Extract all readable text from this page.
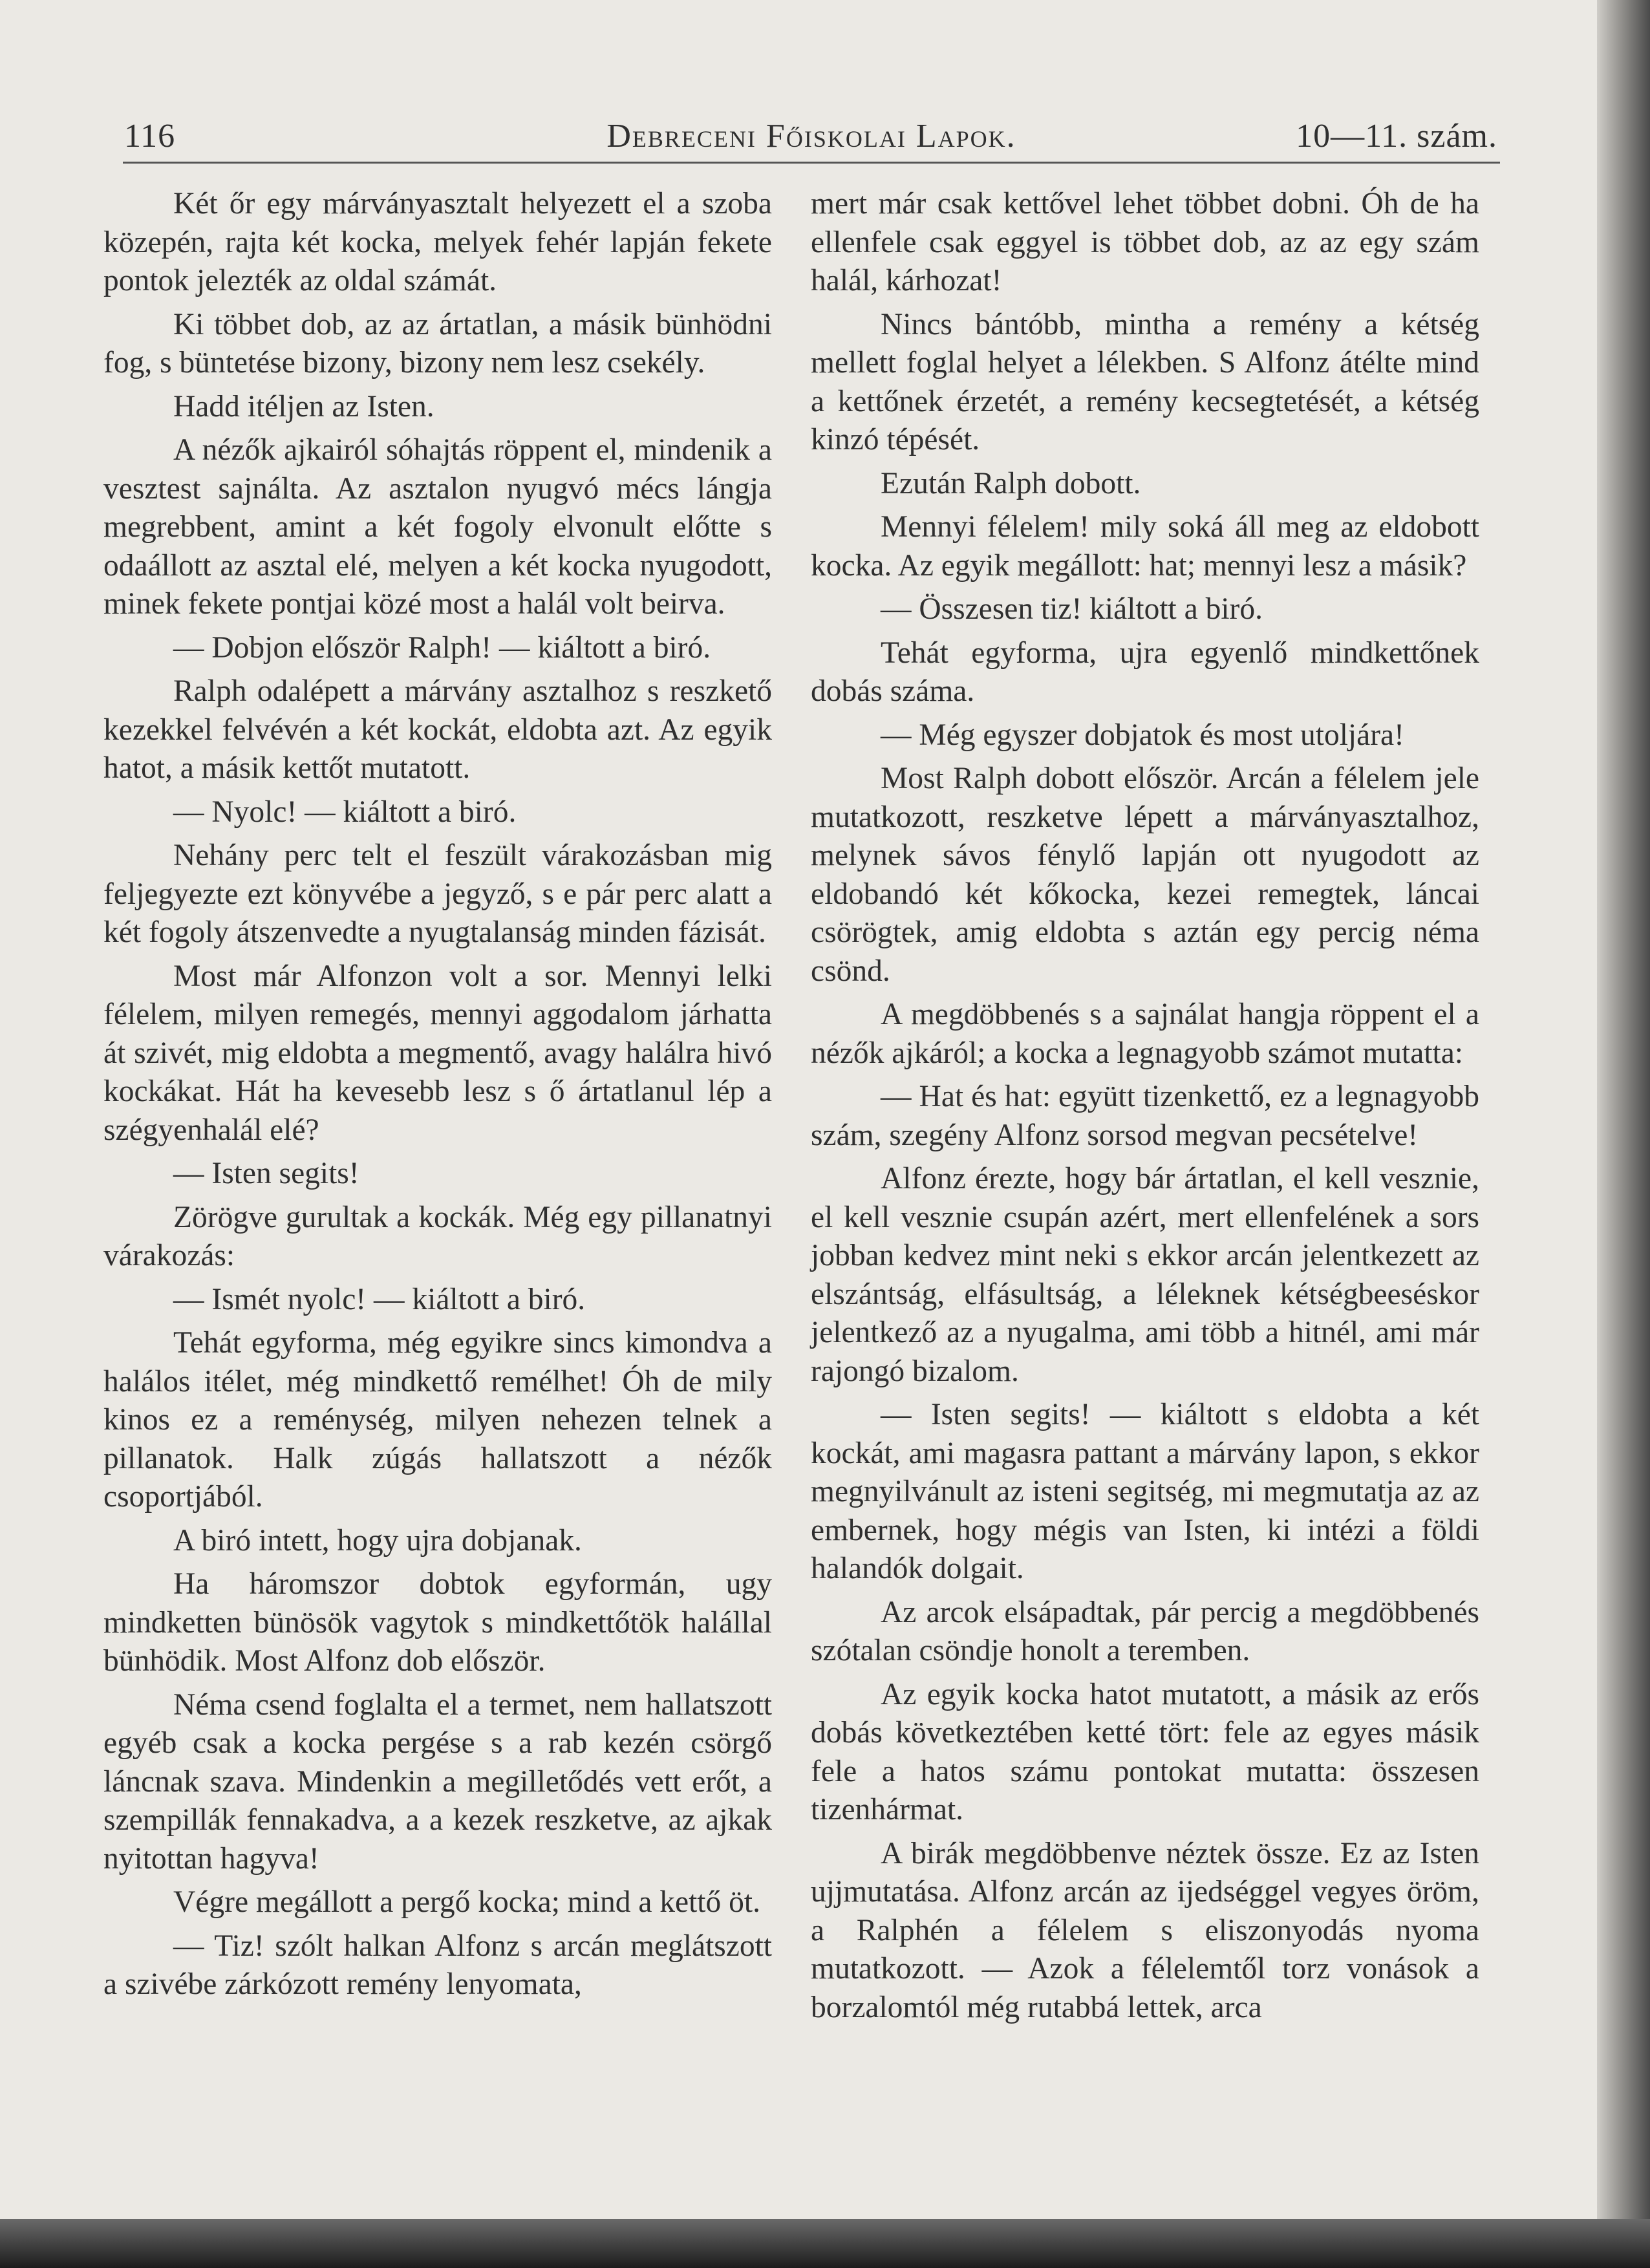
116	Debreceni Főiskolai Lapok.	10—11. szám.

Két őr egy márványasztalt helyezett el a szoba közepén, rajta két kocka, melyek fehér lapján fekete pontok jelezték az oldal számát.

Ki többet dob, az az ártatlan, a másik bünhödni fog, s büntetése bizony, bizony nem lesz csekély.

Hadd itéljen az Isten.

A nézők ajkairól sóhajtás röppent el, mindenik a vesztest sajnálta. Az asztalon nyugvó mécs lángja megrebbent, amint a két fogoly elvonult előtte s odaállott az asztal elé, melyen a két kocka nyugodott, minek fekete pontjai közé most a halál volt beirva.

— Dobjon először Ralph! — kiáltott a biró.

Ralph odalépett a márvány asztalhoz s reszkető kezekkel felvévén a két kockát, eldobta azt. Az egyik hatot, a másik kettőt mutatott.

— Nyolc! — kiáltott a biró.

Nehány perc telt el feszült várakozásban mig feljegyezte ezt könyvébe a jegyző, s e pár perc alatt a két fogoly átszenvedte a nyugtalanság minden fázisát.

Most már Alfonzon volt a sor. Mennyi lelki félelem, milyen remegés, mennyi aggodalom járhatta át szivét, mig eldobta a megmentő, avagy halálra hivó kockákat. Hát ha kevesebb lesz s ő ártatlanul lép a szégyenhalál elé?

— Isten segits!

Zörögve gurultak a kockák. Még egy pillanatnyi várakozás:

— Ismét nyolc! — kiáltott a biró.

Tehát egyforma, még egyikre sincs kimondva a halálos itélet, még mindkettő remélhet! Óh de mily kinos ez a reménység, milyen nehezen telnek a pillanatok. Halk zúgás hallatszott a nézők csoportjából.

A biró intett, hogy ujra dobjanak.

Ha háromszor dobtok egyformán, ugy mindketten bünösök vagytok s mindkettőtök halállal bünhödik. Most Alfonz dob először.

Néma csend foglalta el a termet, nem hallatszott egyéb csak a kocka pergése s a rab kezén csörgő láncnak szava. Mindenkin a megilletődés vett erőt, a szempillák fennakadva, a a kezek reszketve, az ajkak nyitottan hagyva!

Végre megállott a pergő kocka; mind a kettő öt.

— Tiz! szólt halkan Alfonz s arcán meglátszott a szivébe zárkózott remény lenyomata,

mert már csak kettővel lehet többet dobni. Óh de ha ellenfele csak eggyel is többet dob, az az egy szám halál, kárhozat!

Nincs bántóbb, mintha a remény a kétség mellett foglal helyet a lélekben. S Alfonz átélte mind a kettőnek érzetét, a remény kecsegtetését, a kétség kinzó tépését.

Ezután Ralph dobott.

Mennyi félelem! mily soká áll meg az eldobott kocka. Az egyik megállott: hat; mennyi lesz a másik?

— Összesen tiz! kiáltott a biró.

Tehát egyforma, ujra egyenlő mindkettőnek dobás száma.

— Még egyszer dobjatok és most utoljára!

Most Ralph dobott először. Arcán a félelem jele mutatkozott, reszketve lépett a márványasztalhoz, melynek sávos fénylő lapján ott nyugodott az eldobandó két kőkocka, kezei remegtek, láncai csörögtek, amig eldobta s aztán egy percig néma csönd.

A megdöbbenés s a sajnálat hangja röppent el a nézők ajkáról; a kocka a legnagyobb számot mutatta:

— Hat és hat: együtt tizenkettő, ez a legnagyobb szám, szegény Alfonz sorsod megvan pecsételve!

Alfonz érezte, hogy bár ártatlan, el kell vesznie, el kell vesznie csupán azért, mert ellenfelének a sors jobban kedvez mint neki s ekkor arcán jelentkezett az elszántság, elfásultság, a léleknek kétségbeeséskor jelentkező az a nyugalma, ami több a hitnél, ami már rajongó bizalom.

— Isten segits! — kiáltott s eldobta a két kockát, ami magasra pattant a márvány lapon, s ekkor megnyilvánult az isteni segitség, mi megmutatja az az embernek, hogy mégis van Isten, ki intézi a földi halandók dolgait.

Az arcok elsápadtak, pár percig a megdöbbenés szótalan csöndje honolt a teremben.

Az egyik kocka hatot mutatott, a másik az erős dobás következtében ketté tört: fele az egyes másik fele a hatos számu pontokat mutatta: összesen tizenhármat.

A birák megdöbbenve néztek össze. Ez az Isten ujjmutatása. Alfonz arcán az ijedséggel vegyes öröm, a Ralphén a félelem s eliszonyodás nyoma mutatkozott. — Azok a félelemtől torz vonások a borzalomtól még rutabbá lettek, arca
